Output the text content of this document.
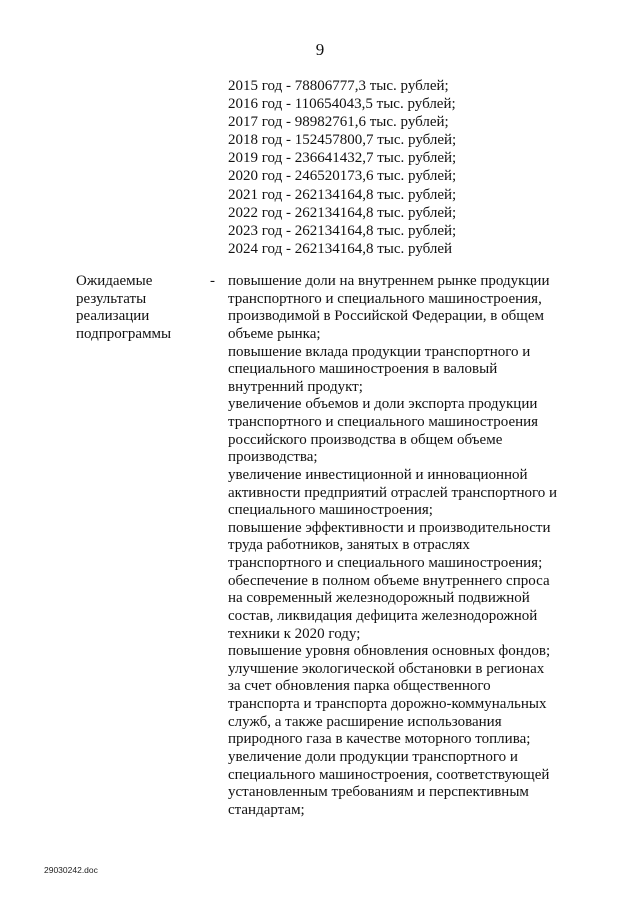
9
2015 год - 78806777,3 тыс. рублей;
2016 год - 110654043,5 тыс. рублей;
2017 год - 98982761,6 тыс. рублей;
2018 год - 152457800,7 тыс. рублей;
2019 год - 236641432,7 тыс. рублей;
2020 год - 246520173,6 тыс. рублей;
2021 год - 262134164,8 тыс. рублей;
2022 год - 262134164,8 тыс. рублей;
2023 год - 262134164,8 тыс. рублей;
2024 год - 262134164,8 тыс. рублей
Ожидаемые
результаты
реализации
подпрограммы
- повышение доли на внутреннем рынке продукции
транспортного и специального машиностроения,
производимой в Российской Федерации, в общем
объеме рынка;
повышение вклада продукции транспортного и
специального машиностроения в валовый
внутренний продукт;
увеличение объемов и доли экспорта продукции
транспортного и специального машиностроения
российского производства в общем объеме
производства;
увеличение инвестиционной и инновационной
активности предприятий отраслей транспортного и
специального машиностроения;
повышение эффективности и производительности
труда работников, занятых в отраслях
транспортного и специального машиностроения;
обеспечение в полном объеме внутреннего спроса
на современный железнодорожный подвижной
состав, ликвидация дефицита железнодорожной
техники к 2020 году;
повышение уровня обновления основных фондов;
улучшение экологической обстановки в регионах
за счет обновления парка общественного
транспорта и транспорта дорожно-коммунальных
служб, а также расширение использования
природного газа в качестве моторного топлива;
увеличение доли продукции транспортного и
специального машиностроения, соответствующей
установленным требованиям и перспективным
стандартам;
29030242.doc
